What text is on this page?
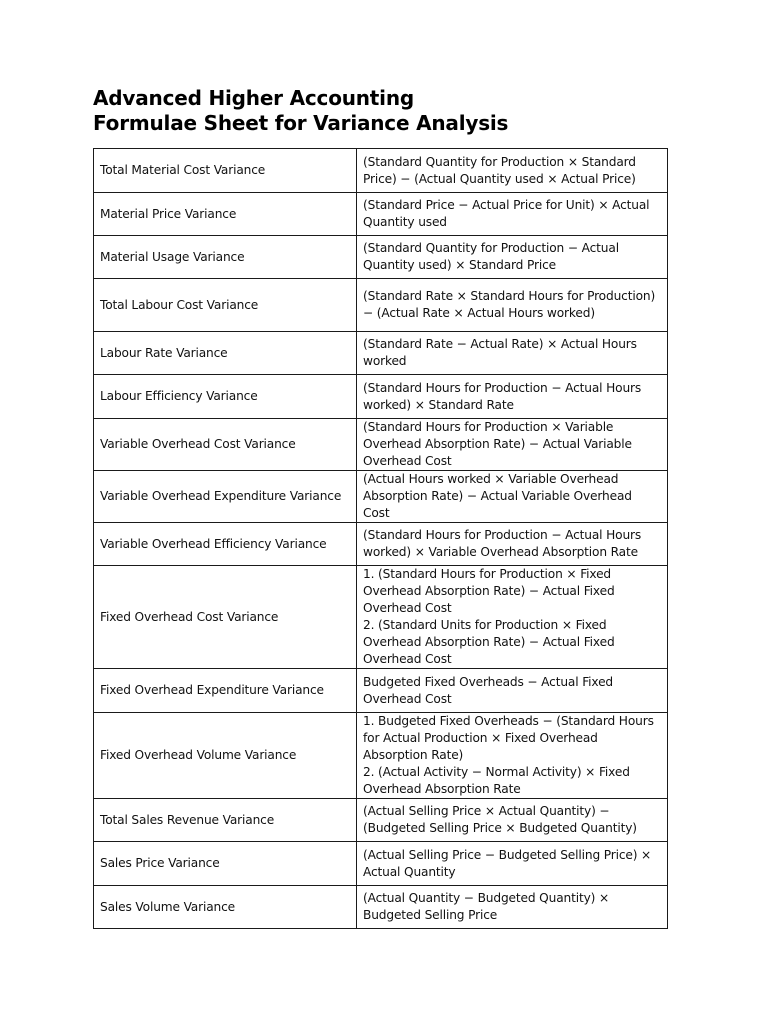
Advanced Higher Accounting
Formulae Sheet for Variance Analysis
Total Material Cost Variance	(Standard Quantity for Production × Standard Price) − (Actual Quantity used × Actual Price)
Material Price Variance	(Standard Price − Actual Price for Unit) × Actual Quantity used
Material Usage Variance	(Standard Quantity for Production − Actual Quantity used) × Standard Price
Total Labour Cost Variance	(Standard Rate × Standard Hours for Production) − (Actual Rate × Actual Hours worked)
Labour Rate Variance	(Standard Rate − Actual Rate) × Actual Hours worked
Labour Efficiency Variance	(Standard Hours for Production − Actual Hours worked) × Standard Rate
Variable Overhead Cost Variance	(Standard Hours for Production × Variable Overhead Absorption Rate) − Actual Variable Overhead Cost
Variable Overhead Expenditure Variance	(Actual Hours worked × Variable Overhead Absorption Rate) − Actual Variable Overhead Cost
Variable Overhead Efficiency Variance	(Standard Hours for Production − Actual Hours worked) × Variable Overhead Absorption Rate
Fixed Overhead Cost Variance	1. (Standard Hours for Production × Fixed Overhead Absorption Rate) − Actual Fixed Overhead Cost
2. (Standard Units for Production × Fixed Overhead Absorption Rate) − Actual Fixed Overhead Cost
Fixed Overhead Expenditure Variance	Budgeted Fixed Overheads − Actual Fixed Overhead Cost
Fixed Overhead Volume Variance	1. Budgeted Fixed Overheads − (Standard Hours for Actual Production × Fixed Overhead Absorption Rate)
2. (Actual Activity − Normal Activity) × Fixed Overhead Absorption Rate
Total Sales Revenue Variance	(Actual Selling Price × Actual Quantity) − (Budgeted Selling Price × Budgeted Quantity)
Sales Price Variance	(Actual Selling Price − Budgeted Selling Price) × Actual Quantity
Sales Volume Variance	(Actual Quantity − Budgeted Quantity) × Budgeted Selling Price
